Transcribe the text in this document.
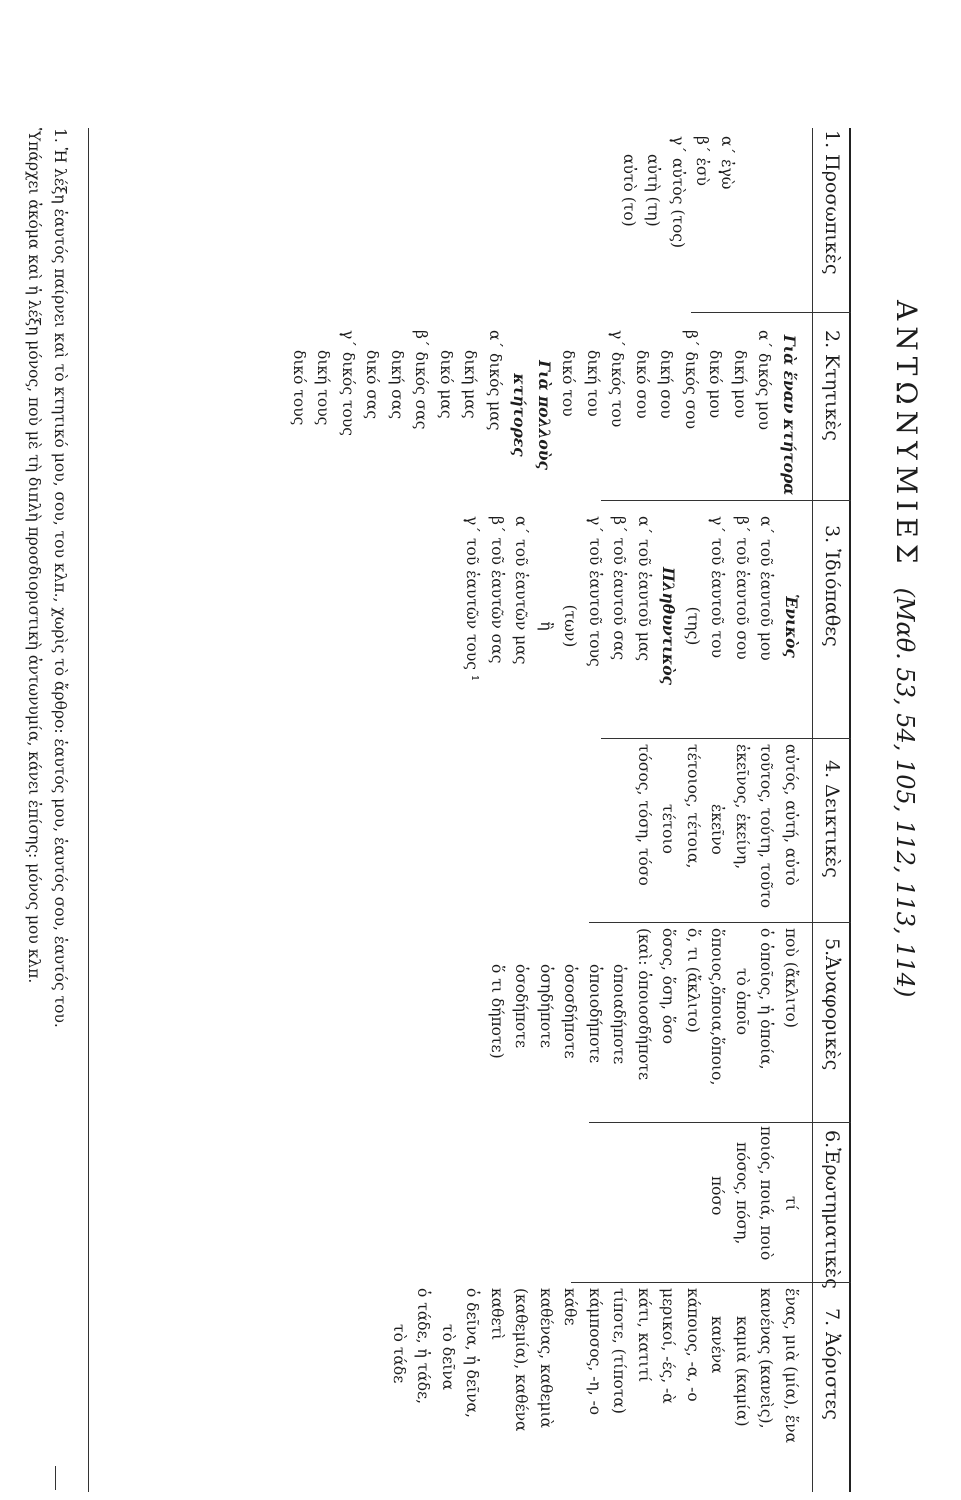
ΑΝΤΩΝΥΜΙΕΣ(Μαθ. 53, 54, 105, 112, 113, 114)
1. Προσωπικὲς
2. Κτητικὲς
3. Ἰδιόπαθες
4. Δεικτικὲς
5.Ἀναφορικὲς
6.Ἐρωτηματικὲς
7. Ἀόριστες
α΄ ἐγὼ
β΄ ἐσὺ
γ΄ αὐτὸς (τος)
αὐτὴ (τη)
αὐτὸ (το)
Γιὰ ἕναν κτήτορα
α΄ δικός μου
δική μου
δικό μου
β΄ δικός σου
δική σου
δικό σου
γ΄ δικός του
δική του
δικό του
Γιὰ πολλοὺς κτήτορες
α΄ δικός μας
δική μας
δικό μας
β΄ δικός σας
δική σας
δικό σας
γ΄ δικός τους
δική τους
δικό τους
Ἑνικὸς
α΄ τοῦ ἑαυτοῦ μου
β΄ τοῦ ἑαυτοῦ σου
γ΄ τοῦ ἑαυτοῦ του
(της)
Πληθυντικὸς
α΄ τοῦ ἑαυτοῦ μας
β΄ τοῦ ἑαυτοῦ σας
γ΄ τοῦ ἑαυτοῦ τους
(των)
ἢ
α΄ τοῦ ἑαυτῶν μας
β΄ τοῦ ἑαυτῶν σας
γ΄ τοῦ ἑαυτῶν τους ¹
αὐτός, αὐτή, αὐτὸ
τοῦτος, τούτη, τοῦτο
ἐκεῖνος, ἐκείνη,
ἐκεῖνο
τέτοιος, τέτοια,
τέτοιο
τόσος, τόση, τόσο
ποὺ (ἄκλιτο)
ὁ ὁποῖος, ἡ ὁποία,
τὸ ὁποῖο
ὅποιος,ὅποια,ὅποιο,
ὅ, τι (ἄκλιτο)
ὅσος, ὅση, ὅσο
(καὶ: ὁποιοσδήποτε
ὁποιαδήποτε
ὁποιοδήποτε
ὁσοσδήποτε
ὁσηδήποτε
ὁσοδήποτε
ὅ τι δήποτε)
τί
ποιός, ποιά, ποιὸ
πόσος, πόση,
πόσο
ἕνας, μιὰ (μία), ἕνα
κανένας (κανεὶς),
καμιὰ (καμία)
κανένα
κάποιος, -α, -ο
μερικοί, -ές, -ὰ
κάτι, κατιτί
τίποτε, (τίποτα)
κάμποσος, -η, -ο
κάθε
καθένας, καθεμιὰ
(καθεμία), καθένα
καθετὶ
ὁ δεῖνα, ἡ δεῖνα,
τὸ δεῖνα
ὁ τάδε, ἡ τάδε,
τὸ τάδε
1. Ἡ λέξη ἑαυτός παίρνει καὶ τὸ κτητικό μου, σου, του κλπ., χωρὶς τὸ ἄρθρο: ἑαυτός μου, ἑαυτός σου, ἑαυτός του.
Ὑπάρχει ἀκόμα καὶ ἡ λέξη μόνος, ποὺ μὲ τὴ διπλὴ προσδιοριστικὴ ἀντωνυμία, κάνει ἐπίσης: μόνος μου κλπ.
